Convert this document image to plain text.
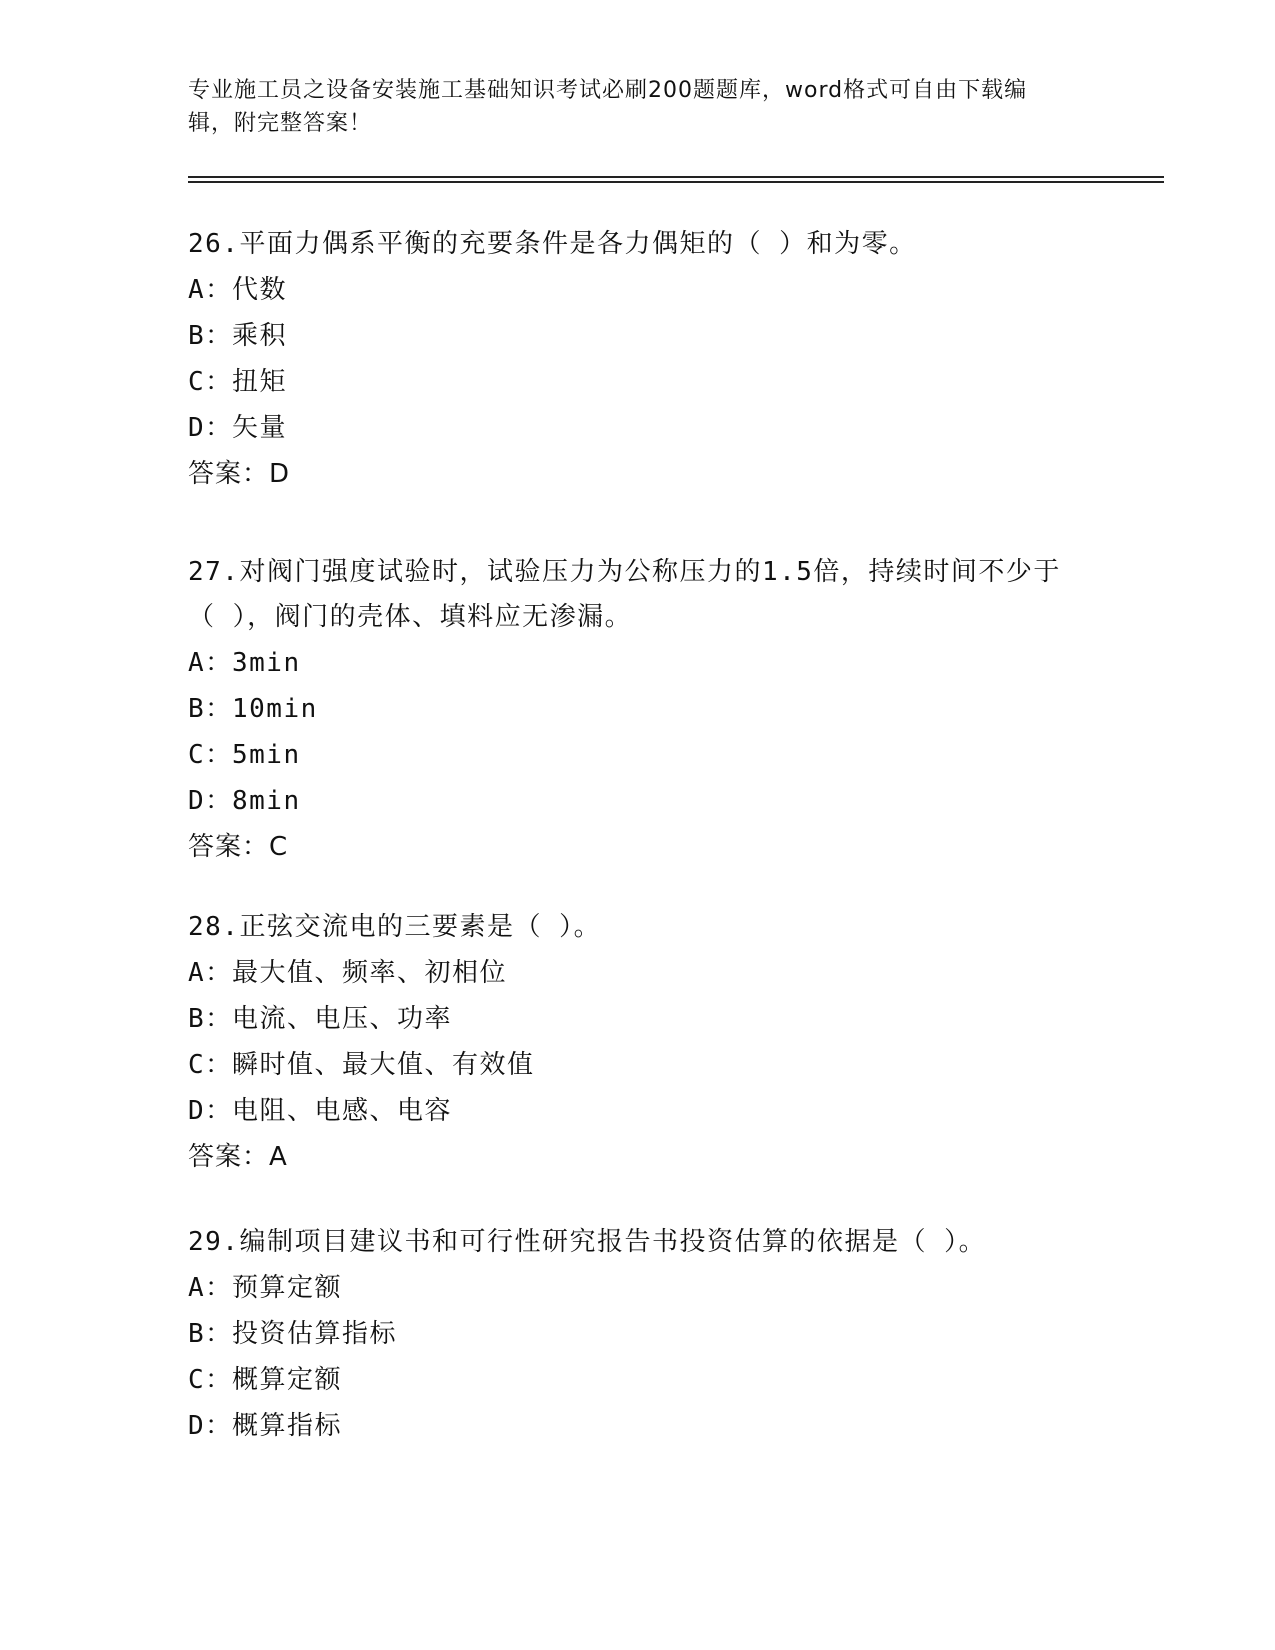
专业施工员之设备安装施工基础知识考试必刷200题题库，word格式可自由下载编辑，附完整答案！
26.平面力偶系平衡的充要条件是各力偶矩的（ ）和为零。
A：代数
B：乘积
C：扭矩
D：矢量
答案：D
27.对阀门强度试验时，试验压力为公称压力的1.5倍，持续时间不少于（ ），阀门的壳体、填料应无渗漏。
A：3min
B：10min
C：5min
D：8min
答案：C
28.正弦交流电的三要素是（ ）。
A：最大值、频率、初相位
B：电流、电压、功率
C：瞬时值、最大值、有效值
D：电阻、电感、电容
答案：A
29.编制项目建议书和可行性研究报告书投资估算的依据是（ ）。
A：预算定额
B：投资估算指标
C：概算定额
D：概算指标
